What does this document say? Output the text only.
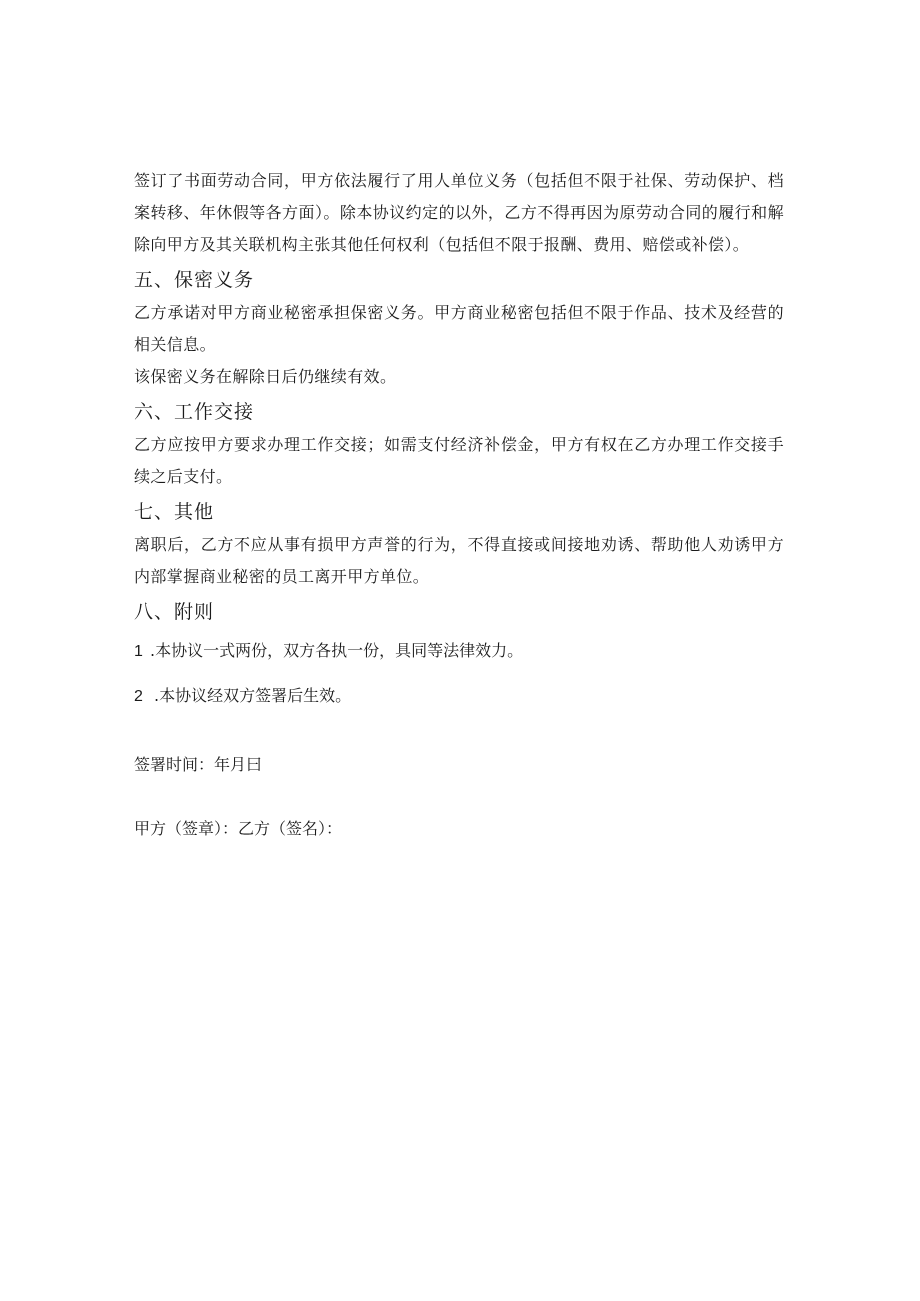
签订了书面劳动合同，甲方依法履行了用人单位义务（包括但不限于社保、劳动保护、档案转移、年休假等各方面）。除本协议约定的以外，乙方不得再因为原劳动合同的履行和解除向甲方及其关联机构主张其他任何权利（包括但不限于报酬、费用、赔偿或补偿）。

五、保密义务

乙方承诺对甲方商业秘密承担保密义务。甲方商业秘密包括但不限于作品、技术及经营的相关信息。

该保密义务在解除日后仍继续有效。

六、工作交接

乙方应按甲方要求办理工作交接；如需支付经济补偿金，甲方有权在乙方办理工作交接手续之后支付。

七、其他

离职后，乙方不应从事有损甲方声誉的行为，不得直接或间接地劝诱、帮助他人劝诱甲方内部掌握商业秘密的员工离开甲方单位。

八、附则

1 .本协议一式两份，双方各执一份，具同等法律效力。

2 .本协议经双方签署后生效。

签署时间：年月曰

甲方（签章）：乙方（签名）：
